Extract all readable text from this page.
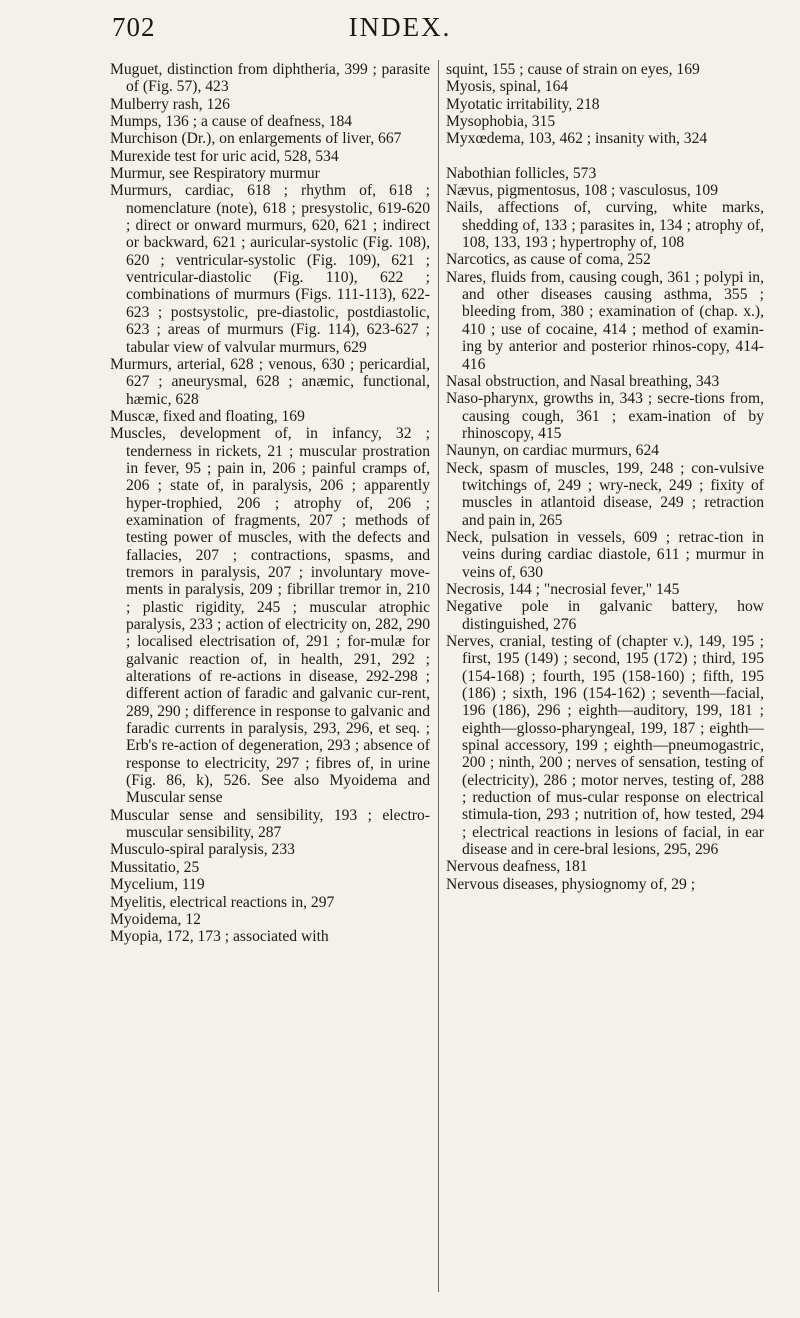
702	INDEX.
Muguet, distinction from diphtheria, 399 ; parasite of (Fig. 57), 423
Mulberry rash, 126
Mumps, 136 ; a cause of deafness, 184
Murchison (Dr.), on enlargements of liver, 667
Murexide test for uric acid, 528, 534
Murmur, see Respiratory murmur
Murmurs, cardiac, 618 ; rhythm of, 618 ; nomenclature (note), 618 ; presystolic, 619-620 ; direct or onward murmurs, 620, 621 ; indirect or backward, 621 ; auricular-systolic (Fig. 108), 620 ; ventricular-systolic (Fig. 109), 621 ; ventricular-diastolic (Fig. 110), 622 ; combinations of murmurs (Figs. 111-113), 622-623 ; postsystolic, pre-diastolic, postdiastolic, 623 ; areas of murmurs (Fig. 114), 623-627 ; tabular view of valvular murmurs, 629
Murmurs, arterial, 628 ; venous, 630 ; pericardial, 627 ; aneurysmal, 628 ; anæmic, functional, hæmic, 628
Muscæ, fixed and floating, 169
Muscles, development of, in infancy, 32 ; tenderness in rickets, 21 ; muscular prostration in fever, 95 ; pain in, 206 ; painful cramps of, 206 ; state of, in paralysis, 206 ; apparently hyper-trophied, 206 ; atrophy of, 206 ; examination of fragments, 207 ; methods of testing power of muscles, with the defects and fallacies, 207 ; contractions, spasms, and tremors in paralysis, 207 ; involuntary move-ments in paralysis, 209 ; fibrillar tremor in, 210 ; plastic rigidity, 245 ; muscular atrophic paralysis, 233 ; action of electricity on, 282, 290 ; localised electrisation of, 291 ; for-mulæ for galvanic reaction of, in health, 291, 292 ; alterations of re-actions in disease, 292-298 ; different action of faradic and galvanic cur-rent, 289, 290 ; difference in response to galvanic and faradic currents in paralysis, 293, 296, et seq. ; Erb's re-action of degeneration, 293 ; absence of response to electricity, 297 ; fibres of, in urine (Fig. 86, k), 526. See also Myoidema and Muscular sense
Muscular sense and sensibility, 193 ; electro-muscular sensibility, 287
Musculo-spiral paralysis, 233
Mussitatio, 25
Mycelium, 119
Myelitis, electrical reactions in, 297
Myoidema, 12
Myopia, 172, 173 ; associated with
squint, 155 ; cause of strain on eyes, 169
Myosis, spinal, 164
Myotatic irritability, 218
Mysophobia, 315
Myxœdema, 103, 462 ; insanity with, 324
Nabothian follicles, 573
Nævus, pigmentosus, 108 ; vasculosus, 109
Nails, affections of, curving, white marks, shedding of, 133 ; parasites in, 134 ; atrophy of, 108, 133, 193 ; hypertrophy of, 108
Narcotics, as cause of coma, 252
Nares, fluids from, causing cough, 361 ; polypi in, and other diseases causing asthma, 355 ; bleeding from, 380 ; examination of (chap. x.), 410 ; use of cocaine, 414 ; method of examin-ing by anterior and posterior rhinos-copy, 414-416
Nasal obstruction, and Nasal breathing, 343
Naso-pharynx, growths in, 343 ; secre-tions from, causing cough, 361 ; exam-ination of by rhinoscopy, 415
Naunyn, on cardiac murmurs, 624
Neck, spasm of muscles, 199, 248 ; con-vulsive twitchings of, 249 ; wry-neck, 249 ; fixity of muscles in atlantoid disease, 249 ; retraction and pain in, 265
Neck, pulsation in vessels, 609 ; retrac-tion in veins during cardiac diastole, 611 ; murmur in veins of, 630
Necrosis, 144 ; "necrosial fever," 145
Negative pole in galvanic battery, how distinguished, 276
Nerves, cranial, testing of (chapter v.), 149, 195 ; first, 195 (149) ; second, 195 (172) ; third, 195 (154-168) ; fourth, 195 (158-160) ; fifth, 195 (186) ; sixth, 196 (154-162) ; seventh—facial, 196 (186), 296 ; eighth—auditory, 199, 181 ; eighth—glosso-pharyngeal, 199, 187 ; eighth—spinal accessory, 199 ; eighth—pneumogastric, 200 ; ninth, 200 ; nerves of sensation, testing of (electricity), 286 ; motor nerves, testing of, 288 ; reduction of mus-cular response on electrical stimula-tion, 293 ; nutrition of, how tested, 294 ; electrical reactions in lesions of facial, in ear disease and in cere-bral lesions, 295, 296
Nervous deafness, 181
Nervous diseases, physiognomy of, 29 ;
